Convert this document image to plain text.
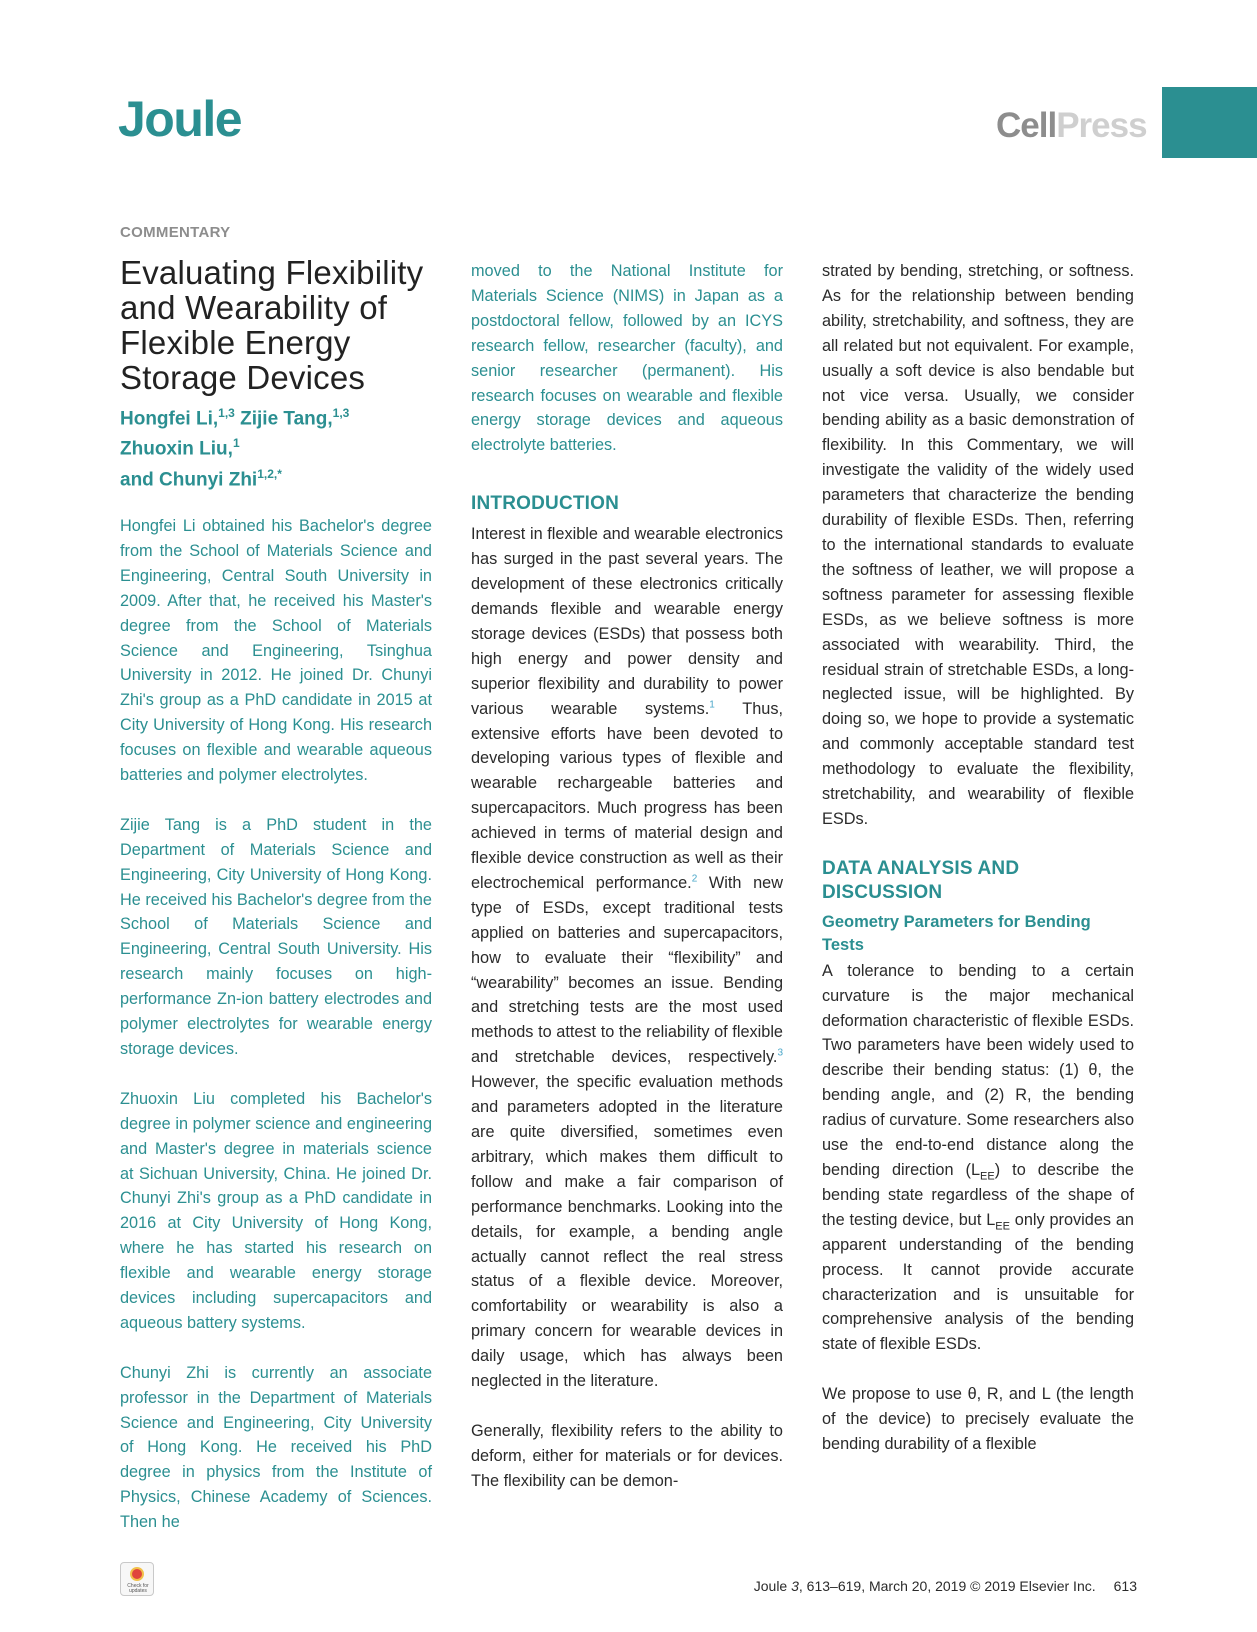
Joule	CellPress
COMMENTARY
Evaluating Flexibility and Wearability of Flexible Energy Storage Devices
Hongfei Li,$^{1,3}$ Zijie Tang,$^{1,3}$
Zhuoxin Liu,$^1$
and Chunyi Zhi$^{1,2,*}$

Hongfei Li obtained his Bachelor's degree from the School of Materials Science and Engineering, Central South University in 2009. After that, he received his Master's degree from the School of Materials Science and Engineering, Tsinghua University in 2012. He joined Dr. Chunyi Zhi's group as a PhD candidate in 2015 at City University of Hong Kong. His research focuses on flexible and wearable aqueous batteries and polymer electrolytes.

Zijie Tang is a PhD student in the Department of Materials Science and Engineering, City University of Hong Kong. He received his Bachelor's degree from the School of Materials Science and Engineering, Central South University. His research mainly focuses on high-performance Zn-ion battery electrodes and polymer electrolytes for wearable energy storage devices.

Zhuoxin Liu completed his Bachelor's degree in polymer science and engineering and Master's degree in materials science at Sichuan University, China. He joined Dr. Chunyi Zhi's group as a PhD candidate in 2016 at City University of Hong Kong, where he has started his research on flexible and wearable energy storage devices including supercapacitors and aqueous battery systems.

Chunyi Zhi is currently an associate professor in the Department of Materials Science and Engineering, City University of Hong Kong. He received his PhD degree in physics from the Institute of Physics, Chinese Academy of Sciences. Then he

moved to the National Institute for Materials Science (NIMS) in Japan as a postdoctoral fellow, followed by an ICYS research fellow, researcher (faculty), and senior researcher (permanent). His research focuses on wearable and flexible energy storage devices and aqueous electrolyte batteries.

INTRODUCTION

Interest in flexible and wearable electronics has surged in the past several years. The development of these electronics critically demands flexible and wearable energy storage devices (ESDs) that possess both high energy and power density and superior flexibility and durability to power various wearable systems.$^1$ Thus, extensive efforts have been devoted to developing various types of flexible and wearable rechargeable batteries and supercapacitors. Much progress has been achieved in terms of material design and flexible device construction as well as their electrochemical performance.$^2$ With new type of ESDs, except traditional tests applied on batteries and supercapacitors, how to evaluate their “flexibility” and “wearability” becomes an issue. Bending and stretching tests are the most used methods to attest to the reliability of flexible and stretchable devices, respectively.$^3$ However, the specific evaluation methods and parameters adopted in the literature are quite diversified, sometimes even arbitrary, which makes them difficult to follow and make a fair comparison of performance benchmarks. Looking into the details, for example, a bending angle actually cannot reflect the real stress status of a flexible device. Moreover, comfortability or wearability is also a primary concern for wearable devices in daily usage, which has always been neglected in the literature.

Generally, flexibility refers to the ability to deform, either for materials or for devices. The flexibility can be demon-

strated by bending, stretching, or softness. As for the relationship between bending ability, stretchability, and softness, they are all related but not equivalent. For example, usually a soft device is also bendable but not vice versa. Usually, we consider bending ability as a basic demonstration of flexibility. In this Commentary, we will investigate the validity of the widely used parameters that characterize the bending durability of flexible ESDs. Then, referring to the international standards to evaluate the softness of leather, we will propose a softness parameter for assessing flexible ESDs, as we believe softness is more associated with wearability. Third, the residual strain of stretchable ESDs, a long-neglected issue, will be highlighted. By doing so, we hope to provide a systematic and commonly acceptable standard test methodology to evaluate the flexibility, stretchability, and wearability of flexible ESDs.

DATA ANALYSIS AND
DISCUSSION
Geometry Parameters for Bending
Tests

A tolerance to bending to a certain curvature is the major mechanical deformation characteristic of flexible ESDs. Two parameters have been widely used to describe their bending status: (1) θ, the bending angle, and (2) R, the bending radius of curvature. Some researchers also use the end-to-end distance along the bending direction $(L_{EE})$ to describe the bending state regardless of the shape of the testing device, but $L_{EE}$ only provides an apparent understanding of the bending process. It cannot provide accurate characterization and is unsuitable for comprehensive analysis of the bending state of flexible ESDs.

We propose to use θ, R, and L (the length of the device) to precisely evaluate the bending durability of a flexible

Check for updates	Joule 3, 613–619, March 20, 2019 © 2019 Elsevier Inc. 613
